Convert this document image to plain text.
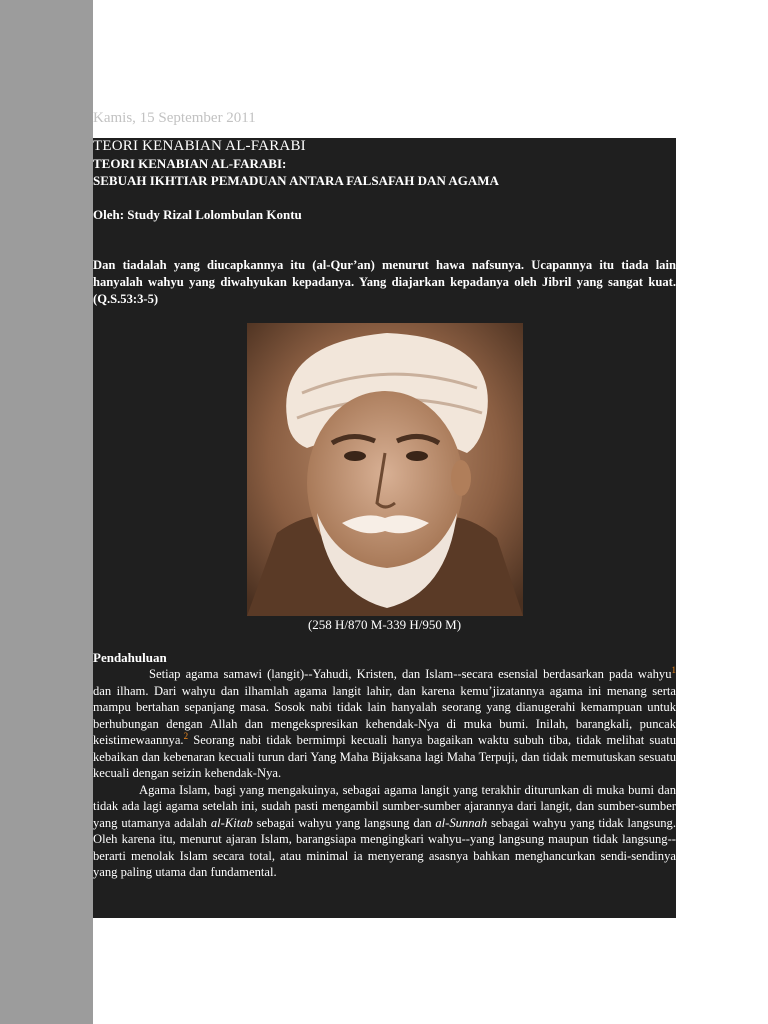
Kamis, 15 September 2011
TEORI KENABIAN AL-FARABI
TEORI KENABIAN AL-FARABI:
SEBUAH IKHTIAR PEMADUAN ANTARA FALSAFAH DAN AGAMA
Oleh: Study Rizal Lolombulan Kontu
Dan tiadalah yang diucapkannya itu (al-Qur’an) menurut hawa nafsunya. Ucapannya itu tiada lain hanyalah wahyu yang diwahyukan kepadanya. Yang diajarkan kepadanya oleh Jibril yang sangat kuat. (Q.S.53:3-5)
(258 H/870 M-339 H/950 M)
Pendahuluan

Setiap agama samawi (langit)--Yahudi, Kristen, dan Islam--secara esensial berdasarkan pada wahyu$^1$ dan ilham. Dari wahyu dan ilhamlah agama langit lahir, dan karena kemu’jizatannya agama ini menang serta mampu bertahan sepanjang masa. Sosok nabi tidak lain hanyalah seorang yang dianugerahi kemampuan untuk berhubungan dengan Allah dan mengekspresikan kehendak-Nya di muka bumi. Inilah, barangkali, puncak keistimewaannya.$^2$ Seorang nabi tidak bermimpi kecuali hanya bagaikan waktu subuh tiba, tidak melihat suatu kebaikan dan kebenaran kecuali turun dari Yang Maha Bijaksana lagi Maha Terpuji, dan tidak memutuskan sesuatu kecuali dengan seizin kehendak-Nya.

Agama Islam, bagi yang mengakuinya, sebagai agama langit yang terakhir diturunkan di muka bumi dan tidak ada lagi agama setelah ini, sudah pasti mengambil sumber-sumber ajarannya dari langit, dan sumber-sumber yang utamanya adalah al-Kitab sebagai wahyu yang langsung dan al-Sunnah sebagai wahyu yang tidak langsung. Oleh karena itu, menurut ajaran Islam, barangsiapa mengingkari wahyu--yang langsung maupun tidak langsung--berarti menolak Islam secara total, atau minimal ia menyerang asasnya bahkan menghancurkan sendi-sendinya yang paling utama dan fundamental.
